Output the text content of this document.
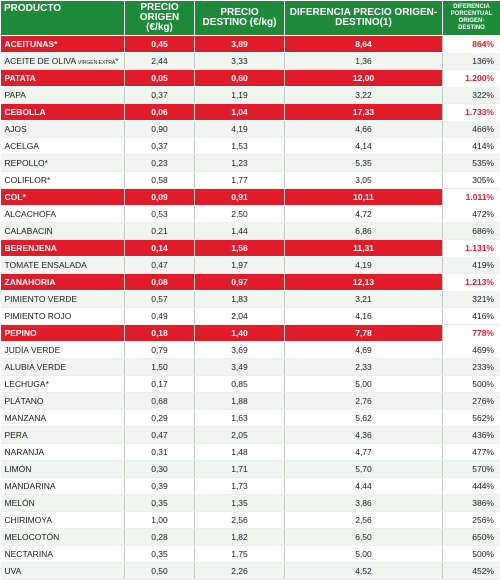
PRODUCTO	PRECIO ORIGEN (€/kg)	PRECIO DESTINO (€/kg)	DIFERENCIA PRECIO ORIGEN-DESTINO(1)	DIFERENCIA PORCENTUAL ORIGEN-DESTINO
ACEITUNAS*	0,45	3,89	8,64	864%
ACEITE DE OLIVA VIRGEN EXTRA*	2,44	3,33	1,36	136%
PATATA	0,05	0,60	12,00	1.200%
PAPA	0,37	1,19	3,22	322%
CEBOLLA	0,06	1,04	17,33	1.733%
AJOS	0,90	4,19	4,66	466%
ACELGA	0,37	1,53	4,14	414%
REPOLLO*	0,23	1,23	5,35	535%
COLIFLOR*	0,58	1,77	3,05	305%
COL*	0,09	0,91	10,11	1.011%
ALCACHOFA	0,53	2,50	4,72	472%
CALABACIN	0,21	1,44	6,86	686%
BERENJENA	0,14	1,56	11,31	1.131%
TOMATE ENSALADA	0,47	1,97	4,19	419%
ZANAHORIA	0,08	0,97	12,13	1.213%
PIMIENTO VERDE	0,57	1,83	3,21	321%
PIMIENTO ROJO	0,49	2,04	4,16	416%
PEPINO	0,18	1,40	7,78	778%
JUDÍA VERDE	0,79	3,69	4,69	469%
ALUBIA VERDE	1,50	3,49	2,33	233%
LECHUGA*	0,17	0,85	5,00	500%
PLÁTANO	0,68	1,88	2,76	276%
MANZANA	0,29	1,63	5,62	562%
PERA	0,47	2,05	4,36	436%
NARANJA	0,31	1,48	4,77	477%
LIMÓN	0,30	1,71	5,70	570%
MANDARINA	0,39	1,73	4,44	444%
MELÓN	0,35	1,35	3,86	386%
CHIRIMOYA	1,00	2,56	2,56	256%
MELOCOTÓN	0,28	1,82	6,50	650%
NECTARINA	0,35	1,75	5,00	500%
UVA	0,50	2,26	4,52	452%
